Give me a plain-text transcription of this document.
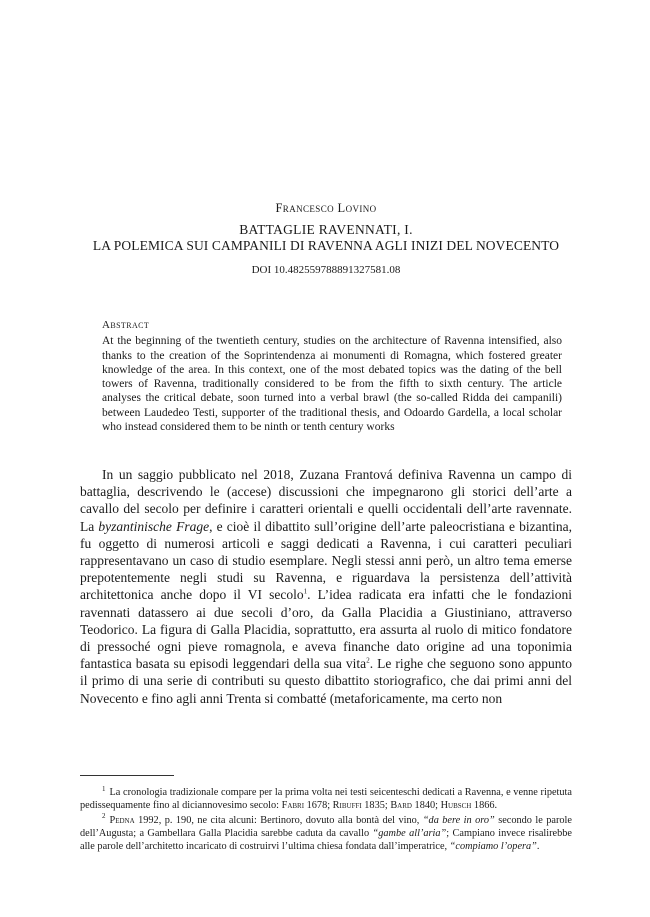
Francesco Lovino
BATTAGLIE RAVENNATI, I.
LA POLEMICA SUI CAMPANILI DI RAVENNA AGLI INIZI DEL NOVECENTO
DOI 10.482559788891327581.08
Abstract
At the beginning of the twentieth century, studies on the architecture of Ravenna intensified, also thanks to the creation of the Soprintendenza ai monumenti di Romagna, which fostered greater knowledge of the area. In this context, one of the most debated topics was the dating of the bell towers of Ravenna, traditionally considered to be from the fifth to sixth century. The article analyses the critical debate, soon turned into a verbal brawl (the so-called Ridda dei campanili) between Laudedeo Testi, supporter of the traditional thesis, and Odoardo Gardella, a local scholar who instead considered them to be ninth or tenth century works

In un saggio pubblicato nel 2018, Zuzana Frantová definiva Ravenna un campo di battaglia, descrivendo le (accese) discussioni che impegnarono gli storici dell’arte a cavallo del secolo per definire i caratteri orientali e quelli occidentali dell’arte ravennate. La byzantinische Frage, e cioè il dibattito sull’origine dell’arte paleocristiana e bizantina, fu oggetto di numerosi articoli e saggi dedicati a Ravenna, i cui caratteri peculiari rappresentavano un caso di studio esemplare. Negli stessi anni però, un altro tema emerse prepotentemente negli studi su Ravenna, e riguardava la persistenza dell’attività architettonica anche dopo il VI secolo$^1$. L’idea radicata era infatti che le fondazioni ravennati datassero ai due secoli d’oro, da Galla Placidia a Giustiniano, attraverso Teodorico. La figura di Galla Placidia, soprattutto, era assurta al ruolo di mitico fondatore di pressoché ogni pieve romagnola, e aveva finanche dato origine ad una toponimia fantastica basata su episodi leggendari della sua vita$^2$. Le righe che seguono sono appunto il primo di una serie di contributi su questo dibattito storiografico, che dai primi anni del Novecento e fino agli anni Trenta si combatté (metaforicamente, ma certo non

$^1$ La cronologia tradizionale compare per la prima volta nei testi seicenteschi dedicati a Ravenna, e venne ripetuta pedissequamente fino al diciannovesimo secolo: Fabri 1678; Ribuffi 1835; Bard 1840; Hubsch 1866.

$^2$ Pedna 1992, p. 190, ne cita alcuni: Bertinoro, dovuto alla bontà del vino, “da bere in oro” secondo le parole dell’Augusta; a Gambellara Galla Placidia sarebbe caduta da cavallo “gambe all’aria”; Campiano invece risalirebbe alle parole dell’architetto incaricato di costruirvi l’ultima chiesa fondata dall’imperatrice, “compiamo l’opera”.
